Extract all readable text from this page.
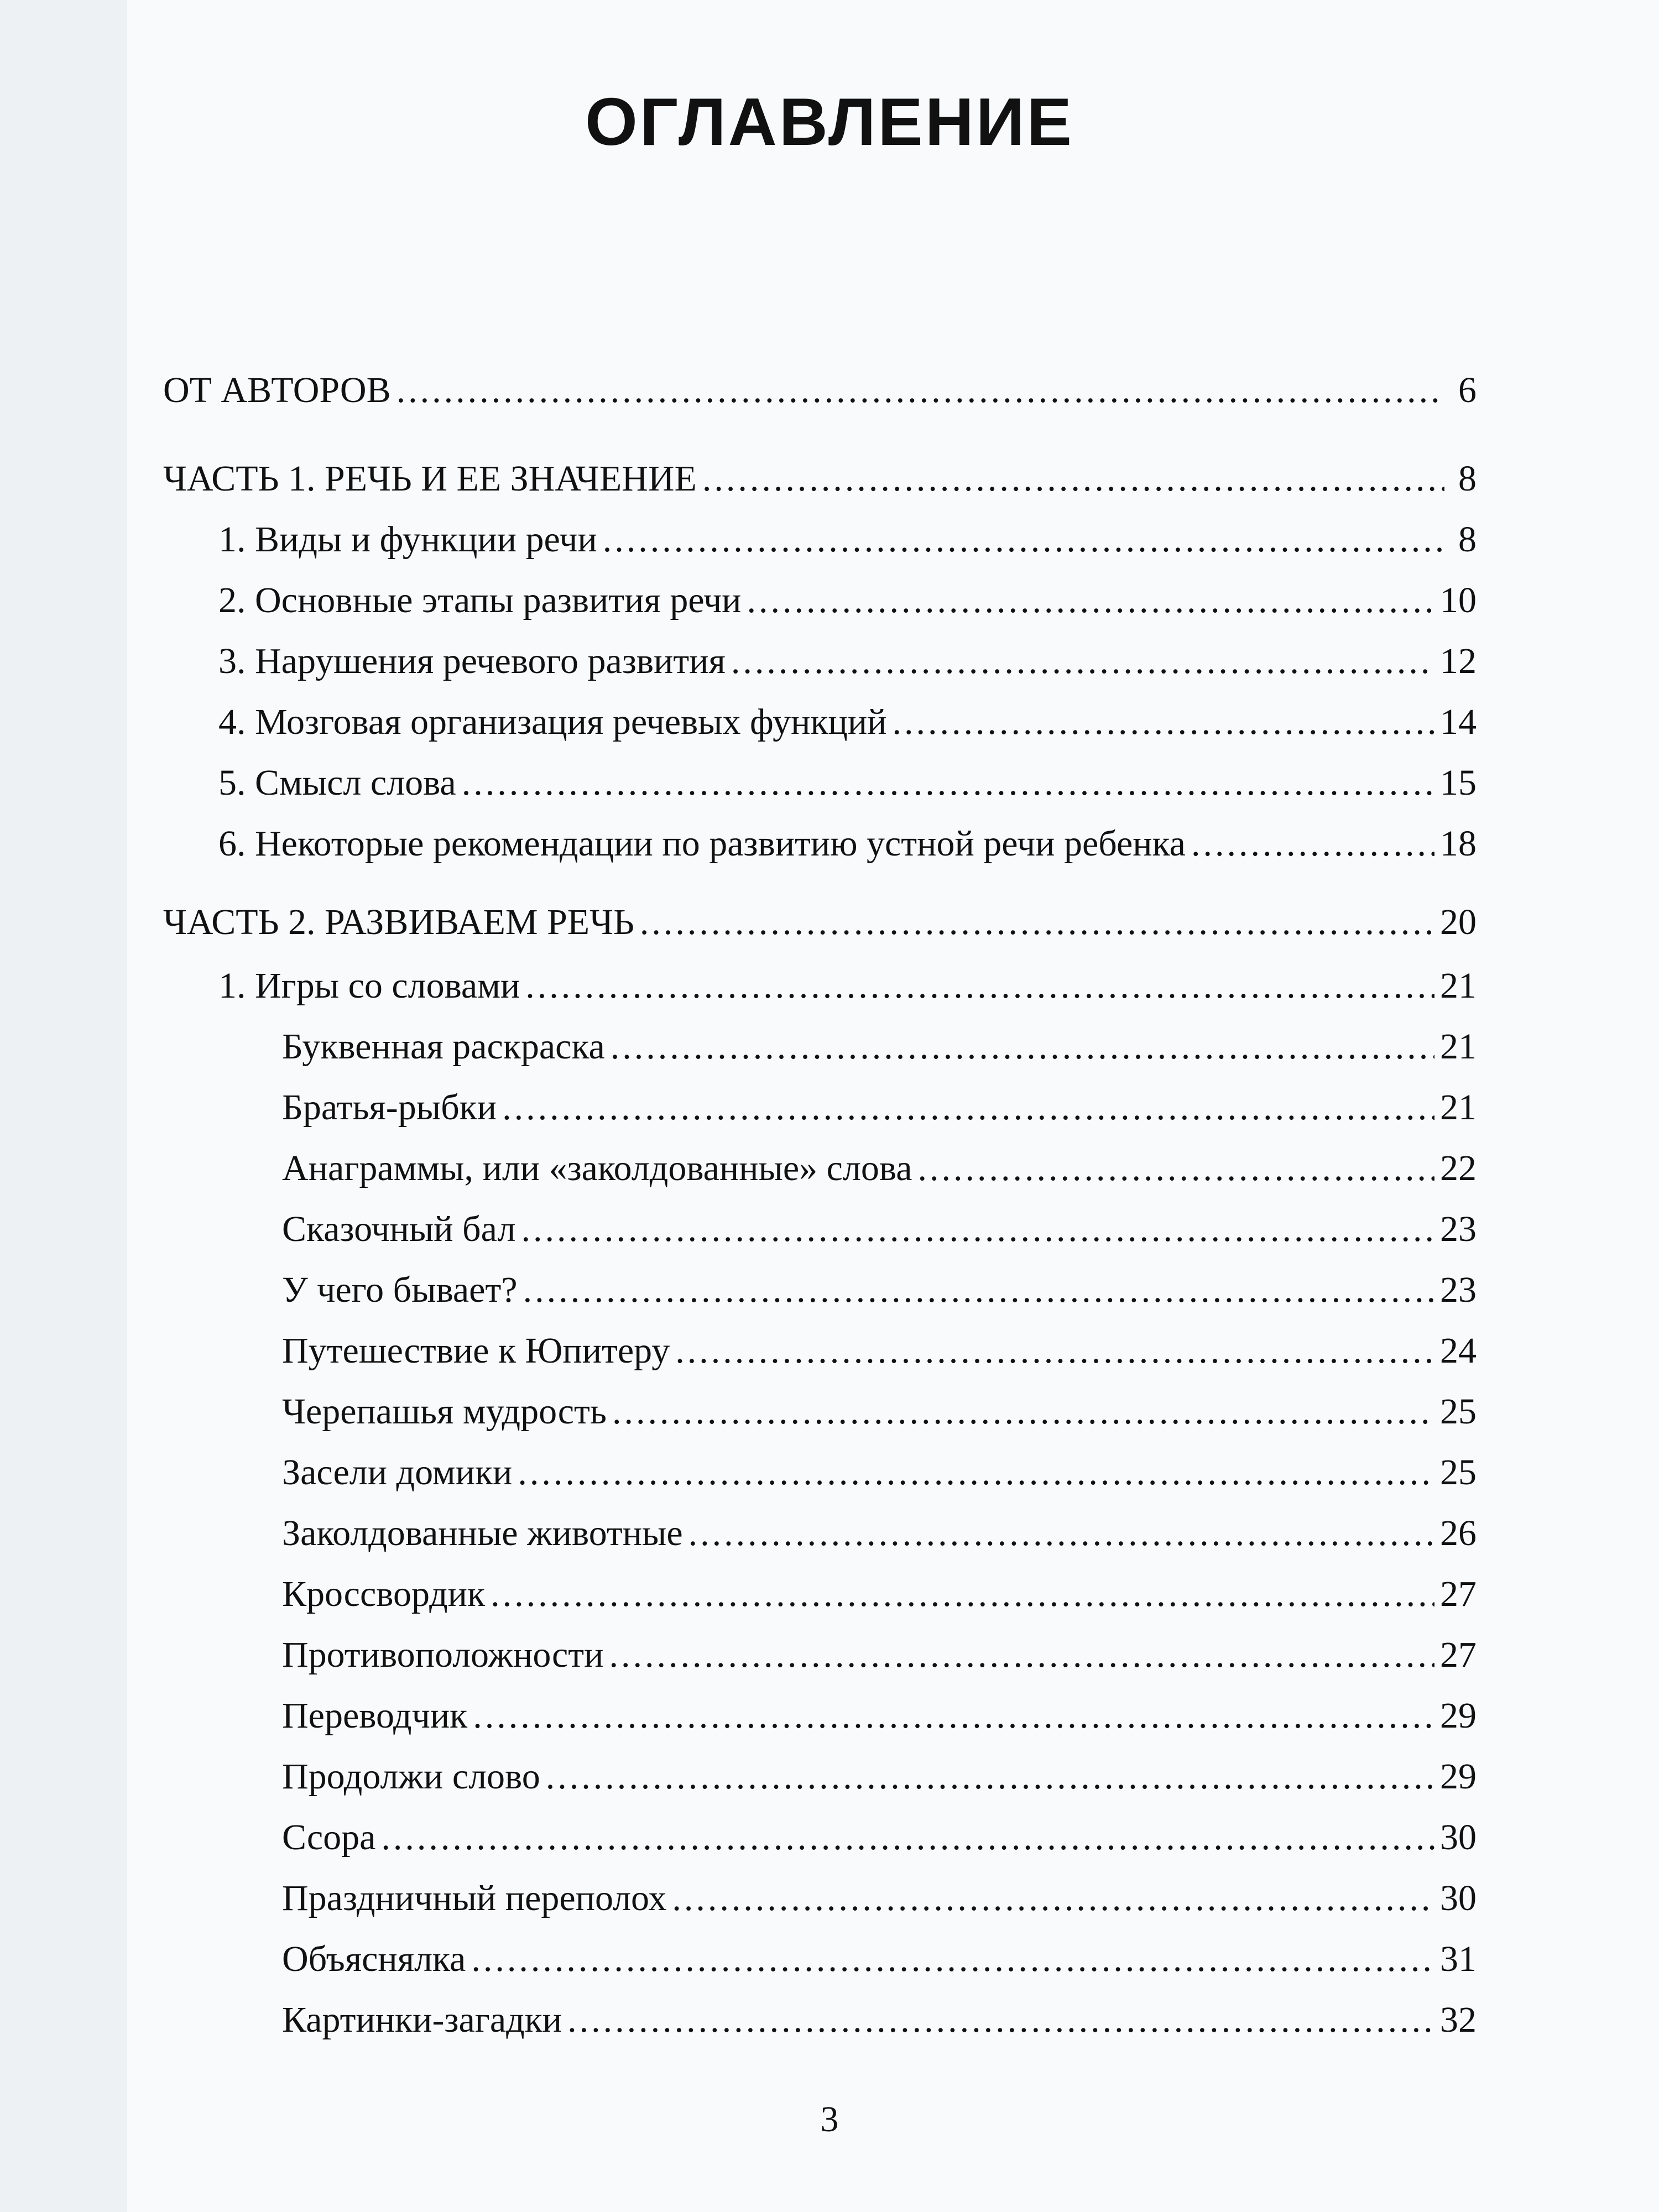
ОГЛАВЛЕНИЕ
ОТ АВТОРОВ .....	6
ЧАСТЬ 1. РЕЧЬ И ЕЕ ЗНАЧЕНИЕ .....	8
1. Виды и функции речи .....	8
2. Основные этапы развития речи .....	10
3. Нарушения речевого развития .....	12
4. Мозговая организация речевых функций .....	14
5. Смысл слова .....	15
6. Некоторые рекомендации по развитию устной речи ребенка .....	18
ЧАСТЬ 2. РАЗВИВАЕМ РЕЧЬ .....	20
1. Игры со словами .....	21
Буквенная раскраска .....	21
Братья-рыбки .....	21
Анаграммы, или «заколдованные» слова .....	22
Сказочный бал .....	23
У чего бывает? .....	23
Путешествие к Юпитеру .....	24
Черепашья мудрость .....	25
Засели домики .....	25
Заколдованные животные .....	26
Кроссвордик .....	27
Противоположности .....	27
Переводчик .....	29
Продолжи слово .....	29
Ссора .....	30
Праздничный переполох .....	30
Объяснялка .....	31
Картинки-загадки .....	32
3
